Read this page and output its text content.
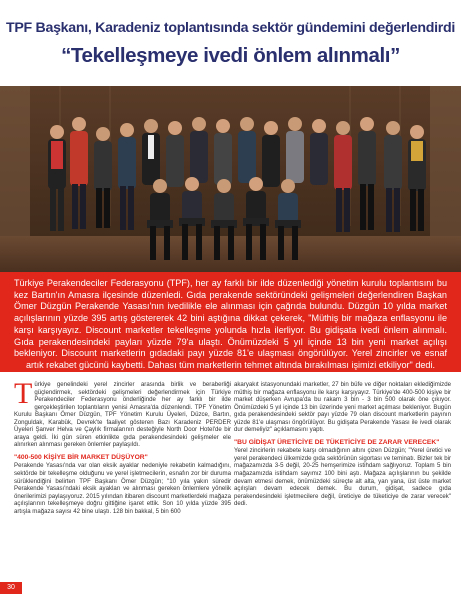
TPF Başkanı, Karadeniz toplantısında sektör gündemini değerlendirdi
“Tekelleşmeye ivedi önlem alınmalı”

Türkiye Perakendeciler Federasyonu (TPF), her ay farklı bir ilde düzenlediği yönetim kurulu toplantısını bu kez Bartın'ın Amasra ilçesinde düzenledi. Gıda perakende sektöründeki gelişmeleri değerlendiren Başkan Ömer Düzgün Perakende Yasası'nın ivedilikle ele alınması için çağrıda bulundu. Düzgün 10 yılda market açılışlarının yüzde 395 artış göstererek 42 bini aştığına dikkat çekerek, "Müthiş bir mağaza enflasyonu ile karşı karşıyayız. Discount marketler tekelleşme yolunda hızla ilerliyor. Bu gidişata ivedi önlem alınmalı. Gıda perakendesindeki payları yüzde 79'a ulaştı. Önümüzdeki 5 yıl içinde 13 bin yeni market açılışı bekleniyor. Discount marketlerin gıdadaki payı yüzde 81'e ulaşması öngörülüyor. Yerel zincirler ve esnaf artık rekabet gücünü kaybetti. Dahası tüm marketlerin tehmet altında bırakılması işimizi etkiliyor" dedi.

T ürkiye genelindeki yerel zincirler arasında birlik ve beraberliği güçlendirmek, sektördeki gelişmeleri değerlendirmek için Türkiye Perakendeciler Federasyonu önderliğinde her ay farklı bir ilde gerçekleştirilen toplantıların yenisi Amasra'da düzenlendi. TPF Yönetim Kurulu Başkanı Ömer Düzgün, TPF Yönetim Kurulu Üyeleri, Düzce, Bartın, Zonguldak, Karabük, Devrek'te faaliyet gösteren Bazı Karadeniz PERDER Üyeleri Şanver Helva ve Çaylık firmalarının desteğiyle North Door Hotel'de bir araya geldi. İki gün süren etkinlikte gıda perakendesindeki gelişmeler ele alınırken alınması gereken önlemler paylaşıldı.

"400-500 KİŞİYE BİR MARKET DÜŞÜYOR"

Perakende Yasası'nda var olan eksik ayaklar nedeniyle rekabetin kalmadığını, sektörde bir tekelleşme olduğunu ve yerel işletmecilerin, esnafın zor bir duruma sürüklendiğini belirten TPF Başkanı Ömer Düzgün; "10 yıla yakın süredir Perakende Yasası'ndaki eksik ayakları ve alınması gereken önlemlere yönelik önerilerimizi paylaşıyoruz. 2015 yılından itibaren discount marketlerdeki mağaza açılışlarının tekelleşmeye doğru gittiğine işaret ettik. Son 10 yılda yüzde 395 artışla mağaza sayısı 42 bine ulaştı. 128 bin bakkal, 5 bin 600

akaryakıt istasyonundaki marketler, 27 bin büfe ve diğer noktaları eklediğimizde müthiş bir mağaza enflasyonu ile karşı karşıyayız. Türkiye'de 400-500 kişiye bir market düşerken Avrupa'da bu rakam 3 bin - 3 bin 500 olarak öne çıkıyor. Önümüzdeki 5 yıl içinde 13 bin üzerinde yeni market açılması bekleniyor. Bugün gıda perakendesindeki sektör payı yüzde 79 olan discount marketlerin payının yüzde 81'e ulaşması öngörülüyor. Bu gidişata Perakende Yasası ile ivedi olarak dur demeliyiz" açıklamasını yaptı.

"BU GİDİŞAT ÜRETİCİYE DE TÜKETİCİYE DE ZARAR VERECEK"

Yerel zincirlerin rekabete karşı olmadığının altını çizen Düzgün; "Yerel üretici ve yerel perakendeci ülkemizde gıda sektörünün sigortası ve teminatı. Bizler tek bir mağazamızda 3-5 değil, 20-25 hemşerimize istihdam sağlıyoruz. Toplam 5 bin mağazamızda istihdam sayımız 100 bini aştı. Mağaza açılışlarının bu şekilde devam etmesi demek, önümüzdeki süreçte alt alta, yan yana, üst üste market açılışları devam edecek demek. Bu durum, gidişat, sadece gıda perakendesindeki işletmecilere değil, üreticiye de tüketiciye de zarar verecek" dedi.

30
